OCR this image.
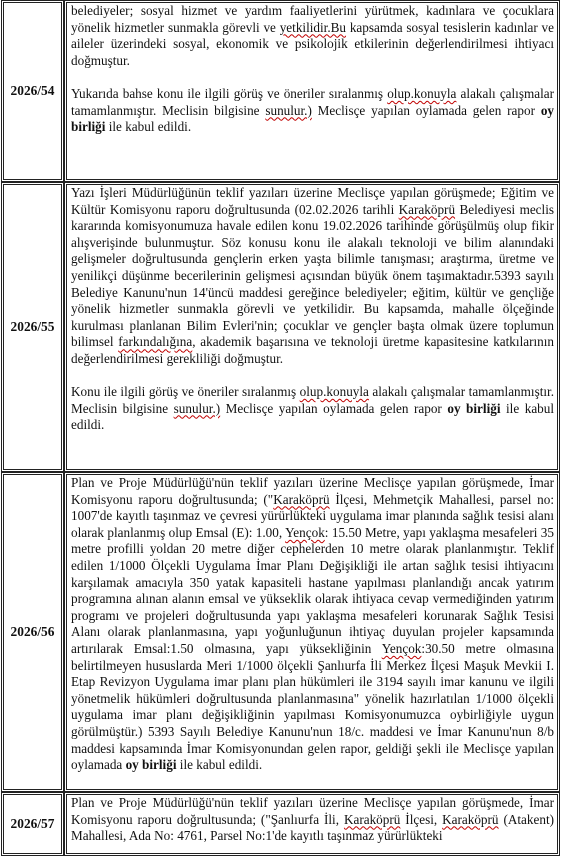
2026/54	belediyeler; sosyal hizmet ve yardım faaliyetlerini yürütmek, kadınlara ve çocuklara yönelik hizmetler sunmakla görevli ve yetkilidir.Bu kapsamda sosyal tesislerin kadınlar ve aileler üzerindeki sosyal, ekonomik ve psikolojik etkilerinin değerlendirilmesi ihtiyacı doğmuştur.

Yukarıda bahse konu ile ilgili görüş ve öneriler sıralanmış olup.konuyla alakalı çalışmalar tamamlanmıştır. Meclisin bilgisine sunulur.) Meclisçe yapılan oylamada gelen rapor oy birliği ile kabul edildi.

2026/55	Yazı İşleri Müdürlüğünün teklif yazıları üzerine Meclisçe yapılan görüşmede; Eğitim ve Kültür Komisyonu raporu doğrultusunda (02.02.2026 tarihli Karaköprü Belediyesi meclis kararında komisyonumuza havale edilen konu 19.02.2026 tarihinde görüşülmüş olup fikir alışverişinde bulunmuştur. Söz konusu konu ile alakalı teknoloji ve bilim alanındaki gelişmeler doğrultusunda gençlerin erken yaşta bilimle tanışması; araştırma, üretme ve yenilikçi düşünme becerilerinin gelişmesi açısından büyük önem taşımaktadır.5393 sayılı Belediye Kanunu'nun 14'üncü maddesi gereğince belediyeler; eğitim, kültür ve gençliğe yönelik hizmetler sunmakla görevli ve yetkilidir. Bu kapsamda, mahalle ölçeğinde kurulması planlanan Bilim Evleri'nin; çocuklar ve gençler başta olmak üzere toplumun bilimsel farkındalığına, akademik başarısına ve teknoloji üretme kapasitesine katkılarının değerlendirilmesi gerekliliği doğmuştur.

Konu ile ilgili görüş ve öneriler sıralanmış olup.konuyla alakalı çalışmalar tamamlanmıştır. Meclisin bilgisine sunulur.) Meclisçe yapılan oylamada gelen rapor oy birliği ile kabul edildi.

2026/56	Plan ve Proje Müdürlüğü'nün teklif yazıları üzerine Meclisçe yapılan görüşmede, İmar Komisyonu raporu doğrultusunda; ("Karaköprü İlçesi, Mehmetçik Mahallesi, parsel no: 1007'de kayıtlı taşınmaz ve çevresi yürürlükteki uygulama imar planında sağlık tesisi alanı olarak planlanmış olup Emsal (E): 1.00, Yençok: 15.50 Metre, yapı yaklaşma mesafeleri 35 metre profilli yoldan 20 metre diğer cephelerden 10 metre olarak planlanmıştır. Teklif edilen 1/1000 Ölçekli Uygulama İmar Planı Değişikliği ile artan sağlık tesisi ihtiyacını karşılamak amacıyla 350 yatak kapasiteli hastane yapılması planlandığı ancak yatırım programına alınan alanın emsal ve yükseklik olarak ihtiyaca cevap vermediğinden yatırım programı ve projeleri doğrultusunda yapı yaklaşma mesafeleri korunarak Sağlık Tesisi Alanı olarak planlanmasına, yapı yoğunluğunun ihtiyaç duyulan projeler kapsamında artırılarak Emsal:1.50 olmasına, yapı yüksekliğinin Yençok:30.50 metre olmasına belirtilmeyen hususlarda Meri 1/1000 ölçekli Şanlıurfa İli Merkez İlçesi Maşuk Mevkii I. Etap Revizyon Uygulama imar planı plan hükümleri ile 3194 sayılı imar kanunu ve ilgili yönetmelik hükümleri doğrultusunda planlanmasına" yönelik hazırlatılan 1/1000 ölçekli uygulama imar planı değişikliğinin yapılması Komisyonumuzca oybirliğiyle uygun görülmüştür.) 5393 Sayılı Belediye Kanunu'nun 18/c. maddesi ve İmar Kanunu'nun 8/b maddesi kapsamında İmar Komisyonundan gelen rapor, geldiği şekli ile Meclisçe yapılan oylamada oy birliği ile kabul edildi.

2026/57	Plan ve Proje Müdürlüğü'nün teklif yazıları üzerine Meclisçe yapılan görüşmede, İmar Komisyonu raporu doğrultusunda; ("Şanlıurfa İli, Karaköprü İlçesi, Karaköprü (Atakent) Mahallesi, Ada No: 4761, Parsel No:1'de kayıtlı taşınmaz yürürlükteki
